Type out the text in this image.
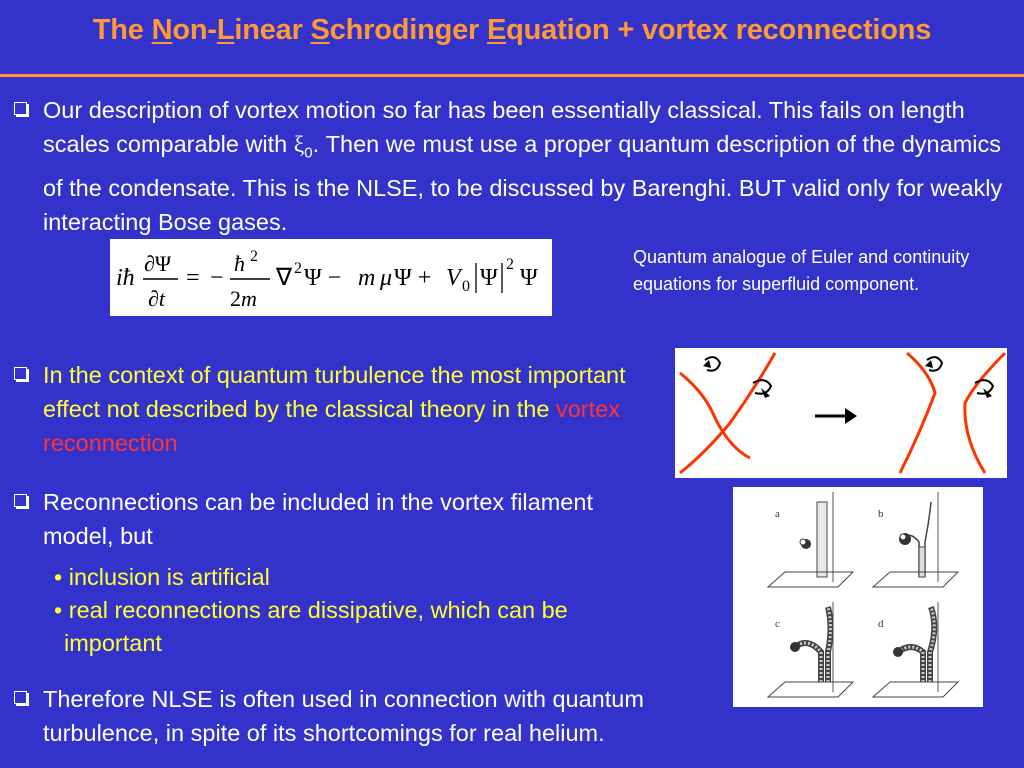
The Non-Linear Schrodinger Equation + vortex reconnections
Our description of vortex motion so far has been essentially classical. This fails on length scales comparable with $\xi_0$. Then we must use a proper quantum description of the dynamics of the condensate. This is the NLSE, to be discussed by Barenghi. BUT valid only for weakly interacting Bose gases.
iħ
∂Ψ
∂t
= −
ħ 2
2m
∇ 2 Ψ − m μ Ψ + V 0 Ψ
2
Ψ
Quantum analogue of Euler and continuity equations for superfluid component.
In the context of quantum turbulence the most important effect not described by the classical theory in the vortex reconnection
Reconnections can be included in the vortex filament model, but
• inclusion is artificial
• real reconnections are dissipative, which can be
important
a	b
c	d
Therefore NLSE is often used in connection with quantum turbulence, in spite of its shortcomings for real helium.
